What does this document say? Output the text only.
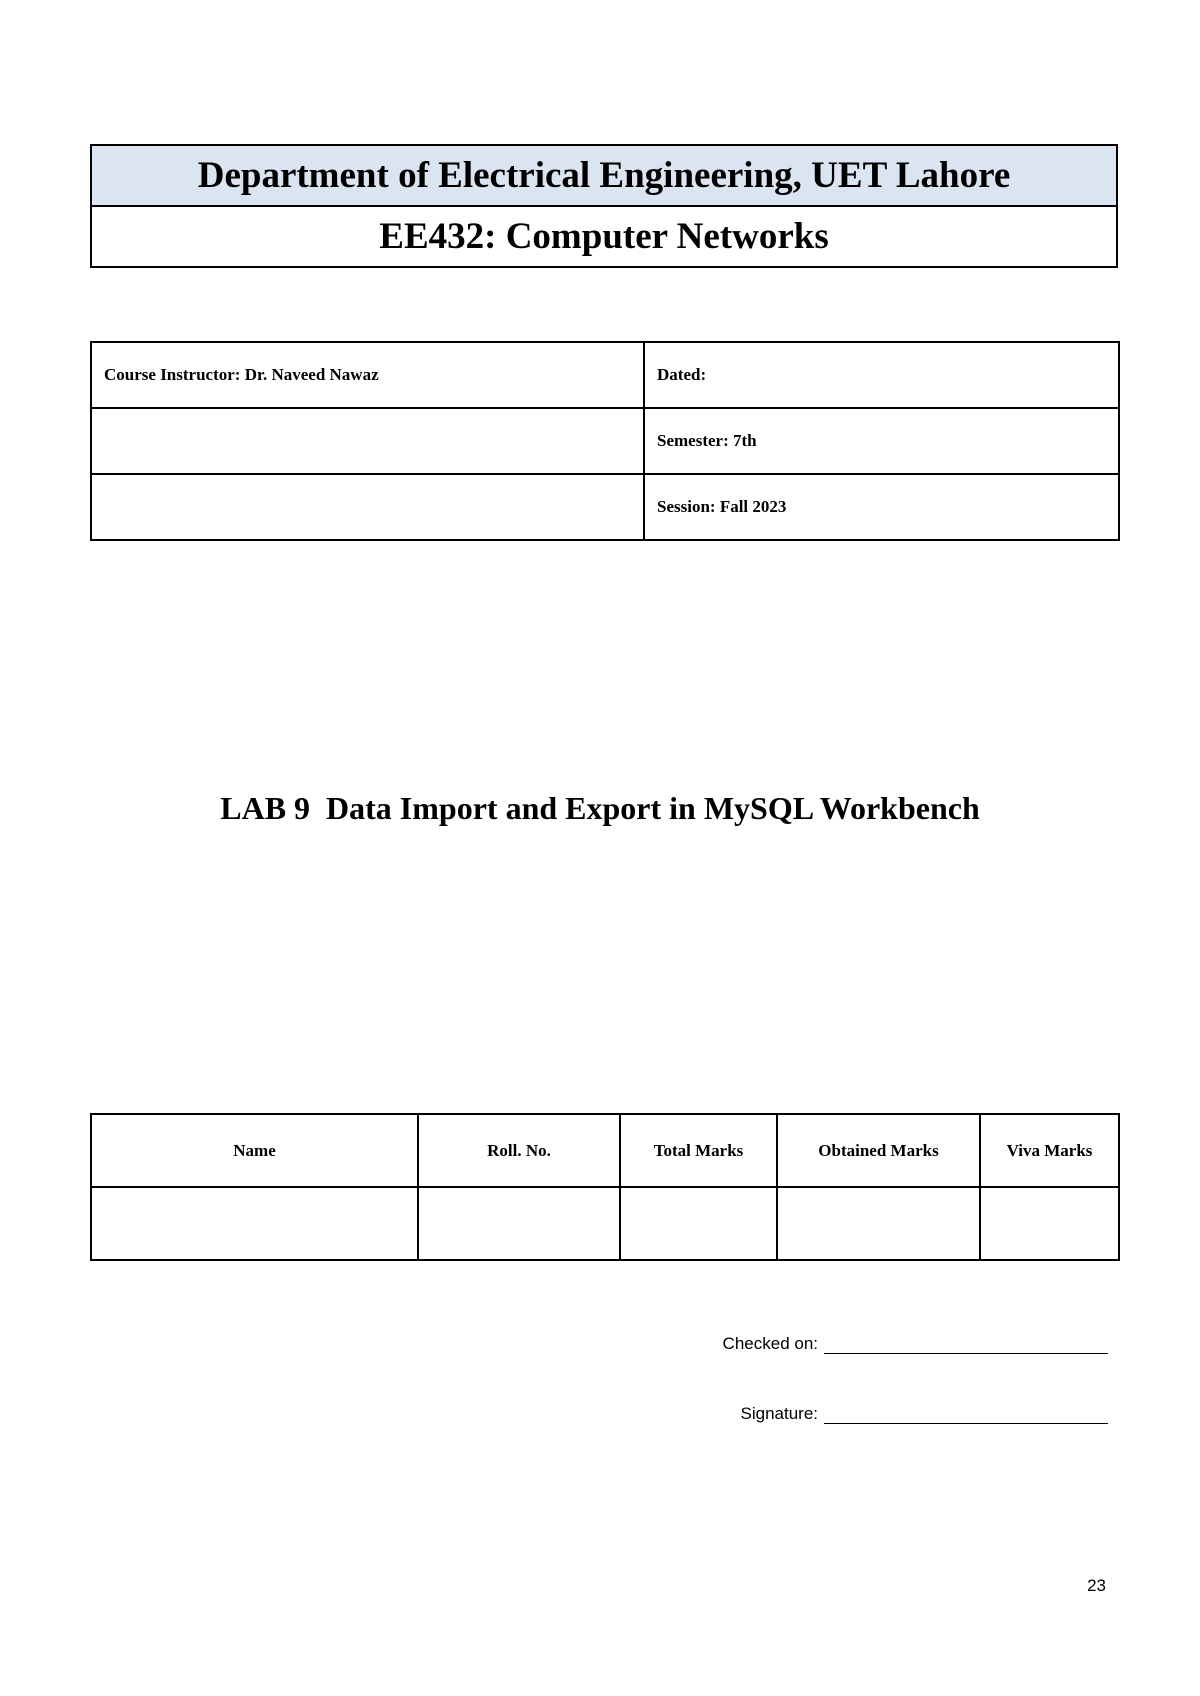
Department of Electrical Engineering, UET Lahore
EE432: Computer Networks
Course Instructor: Dr. Naveed Nawaz	Dated:
	Semester: 7th
	Session: Fall 2023
LAB 9  Data Import and Export in MySQL Workbench
Name	Roll. No.	Total Marks	Obtained Marks	Viva Marks

Checked on:
Signature:
23
